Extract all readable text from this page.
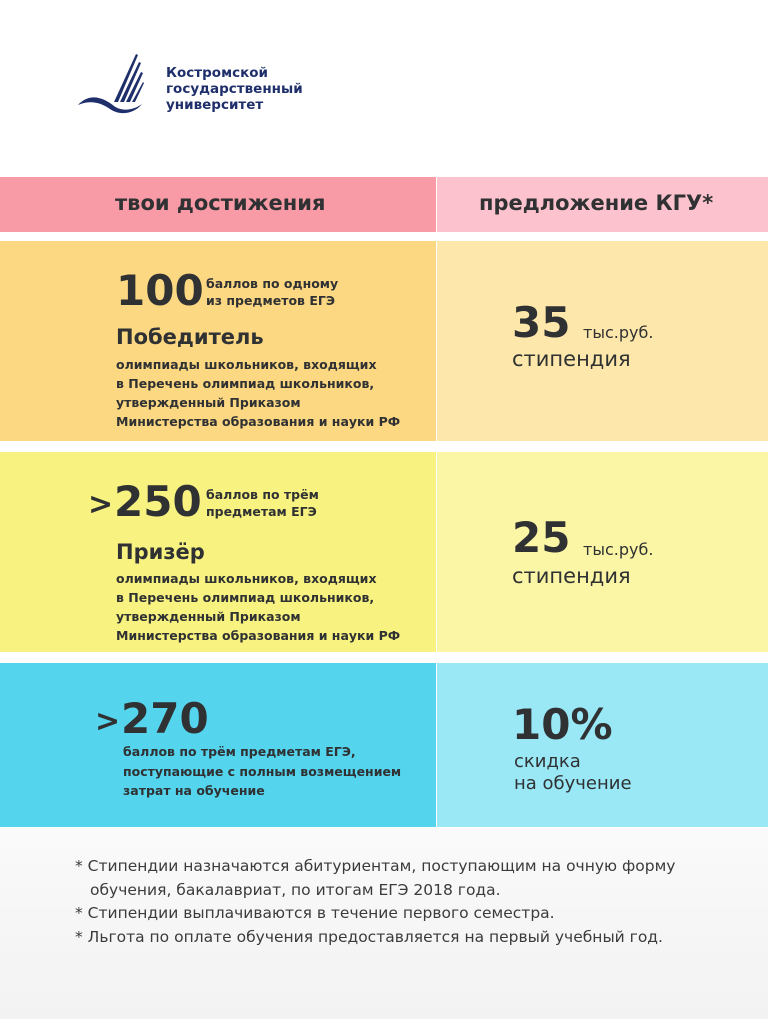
Костромской
государственный
университет
твои достижения	предложение КГУ*
100 баллов по одному
из предметов ЕГЭ
Победитель
олимпиады школьников, входящих
в Перечень олимпиад школьников,
утвержденный Приказом
Министерства образования и науки РФ
35 тыс.руб.
стипендия
> 250 баллов по трём
предметам ЕГЭ
Призёр
олимпиады школьников, входящих
в Перечень олимпиад школьников,
утвержденный Приказом
Министерства образования и науки РФ
25 тыс.руб.
стипендия
> 270
баллов по трём предметам ЕГЭ,
поступающие с полным возмещением
затрат на обучение
10%
скидка
на обучение
* Стипендии назначаются абитуриентам, поступающим на очную форму
обучения, бакалавриат, по итогам ЕГЭ 2018 года.
* Стипендии выплачиваются в течение первого семестра.
* Льгота по оплате обучения предоставляется на первый учебный год.
